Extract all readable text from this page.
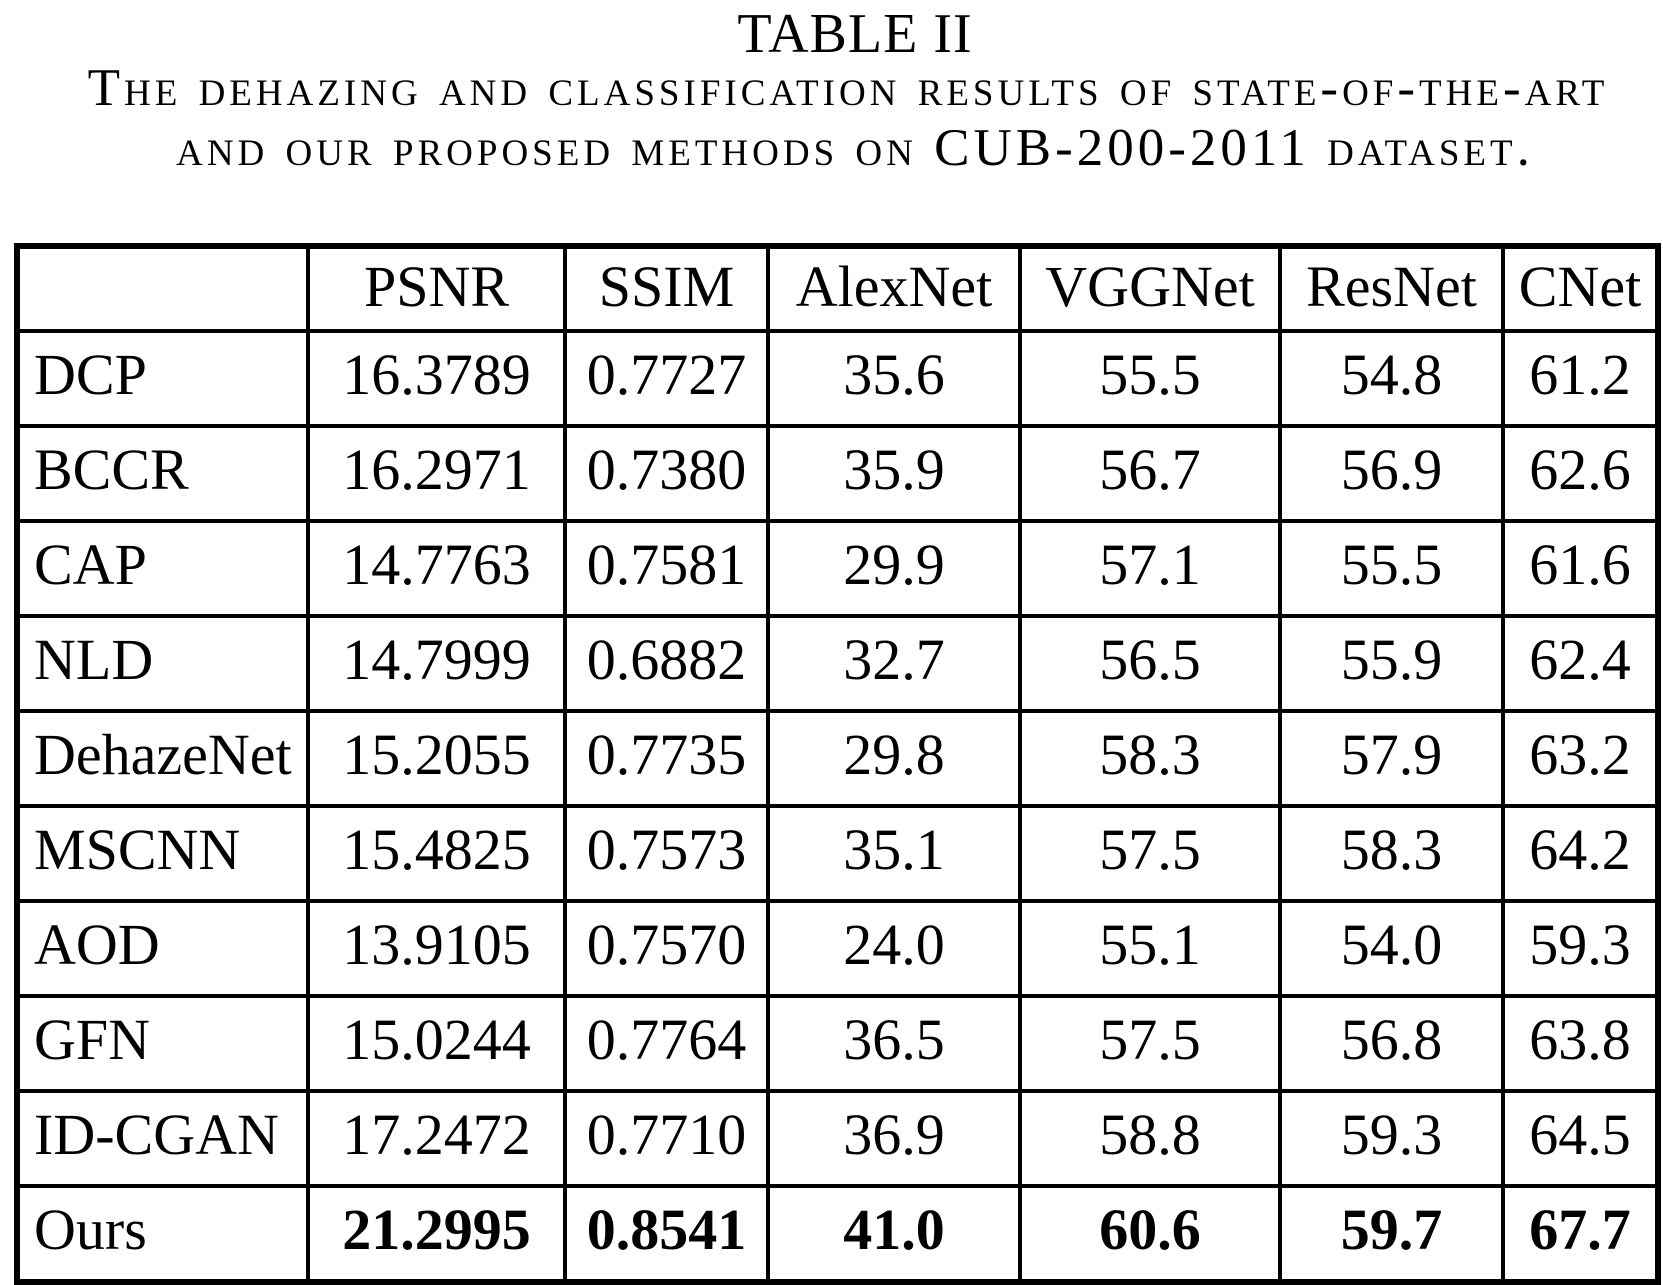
TABLE II
The dehazing and classification results of state-of-the-art
and our proposed methods on CUB-200-2011 dataset.
	PSNR	SSIM	AlexNet	VGGNet	ResNet	CNet
DCP	16.3789	0.7727	35.6	55.5	54.8	61.2
BCCR	16.2971	0.7380	35.9	56.7	56.9	62.6
CAP	14.7763	0.7581	29.9	57.1	55.5	61.6
NLD	14.7999	0.6882	32.7	56.5	55.9	62.4
DehazeNet	15.2055	0.7735	29.8	58.3	57.9	63.2
MSCNN	15.4825	0.7573	35.1	57.5	58.3	64.2
AOD	13.9105	0.7570	24.0	55.1	54.0	59.3
GFN	15.0244	0.7764	36.5	57.5	56.8	63.8
ID-CGAN	17.2472	0.7710	36.9	58.8	59.3	64.5
Ours	21.2995	0.8541	41.0	60.6	59.7	67.7
